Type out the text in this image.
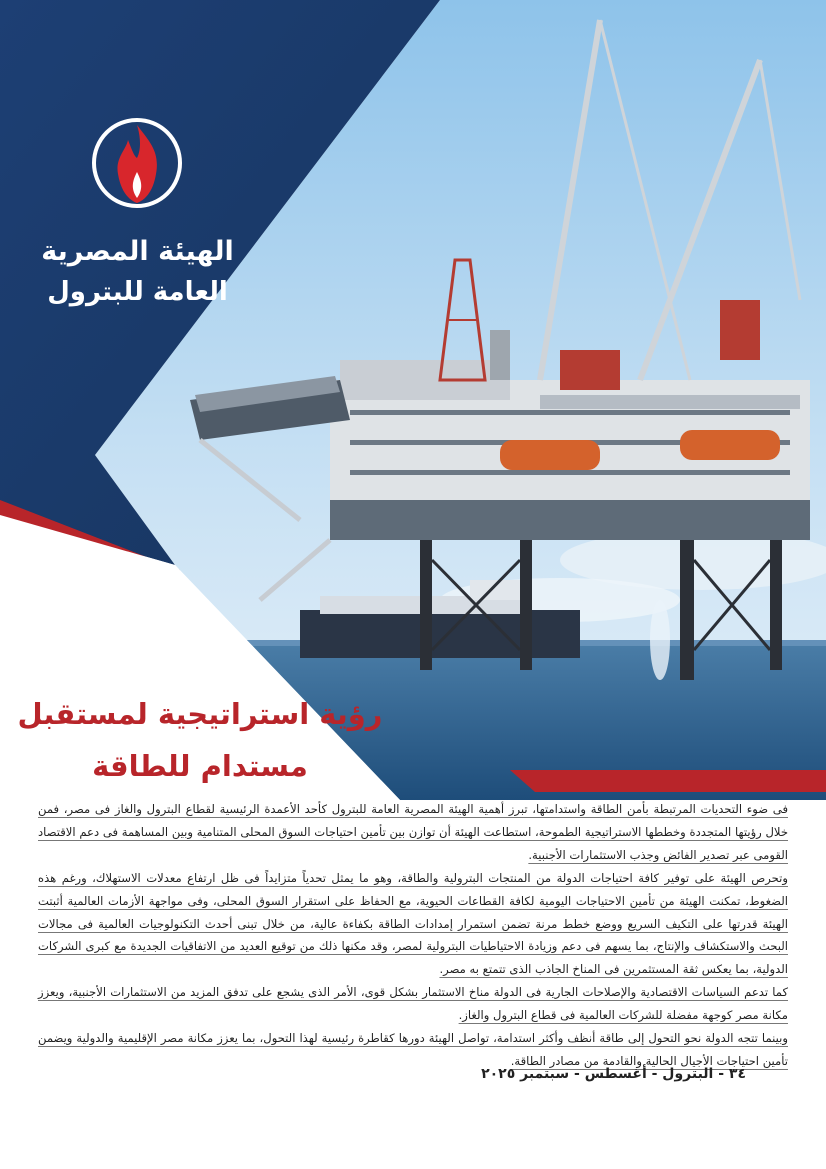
الهيئة المصرية
العامة للبترول
رؤية استراتيجية لمستقبل
مستدام للطاقة

فى ضوء التحديات المرتبطة بأمن الطاقة واستدامتها، تبرز أهمية الهيئة المصرية العامة للبترول كأحد الأعمدة الرئيسية لقطاع البترول والغاز فى مصر، فمن خلال رؤيتها المتجددة وخططها الاستراتيجية الطموحة، استطاعت الهيئة أن توازن بين تأمين احتياجات السوق المحلى المتنامية وبين المساهمة فى دعم الاقتصاد القومى عبر تصدير الفائض وجذب الاستثمارات الأجنبية.

وتحرص الهيئة على توفير كافة احتياجات الدولة من المنتجات البترولية والطاقة، وهو ما يمثل تحدياً متزايداً فى ظل ارتفاع معدلات الاستهلاك، ورغم هذه الضغوط، تمكنت الهيئة من تأمين الاحتياجات اليومية لكافة القطاعات الحيوية، مع الحفاظ على استقرار السوق المحلى، وفى مواجهة الأزمات العالمية أثبتت الهيئة قدرتها على التكيف السريع ووضع خطط مرنة تضمن استمرار إمدادات الطاقة بكفاءة عالية، من خلال تبنى أحدث التكنولوجيات العالمية فى مجالات البحث والاستكشاف والإنتاج، بما يسهم فى دعم وزيادة الاحتياطيات البترولية لمصر، وقد مكنها ذلك من توقيع العديد من الاتفاقيات الجديدة مع كبرى الشركات الدولية، بما يعكس ثقة المستثمرين فى المناخ الجاذب الذى تتمتع به مصر.

كما تدعم السياسات الاقتصادية والإصلاحات الجارية فى الدولة مناخ الاستثمار بشكل قوى، الأمر الذى يشجع على تدفق المزيد من الاستثمارات الأجنبية، ويعزز مكانة مصر كوجهة مفضلة للشركات العالمية فى قطاع البترول والغاز.

وبينما تتجه الدولة نحو التحول إلى طاقة أنظف وأكثر استدامة، تواصل الهيئة دورها كقاطرة رئيسية لهذا التحول، بما يعزز مكانة مصر الإقليمية والدولية ويضمن تأمين احتياجات الأجيال الحالية والقادمة من مصادر الطاقة.

٣٤ - البترول - أغسطس - سبتمبر ٢٠٢٥
